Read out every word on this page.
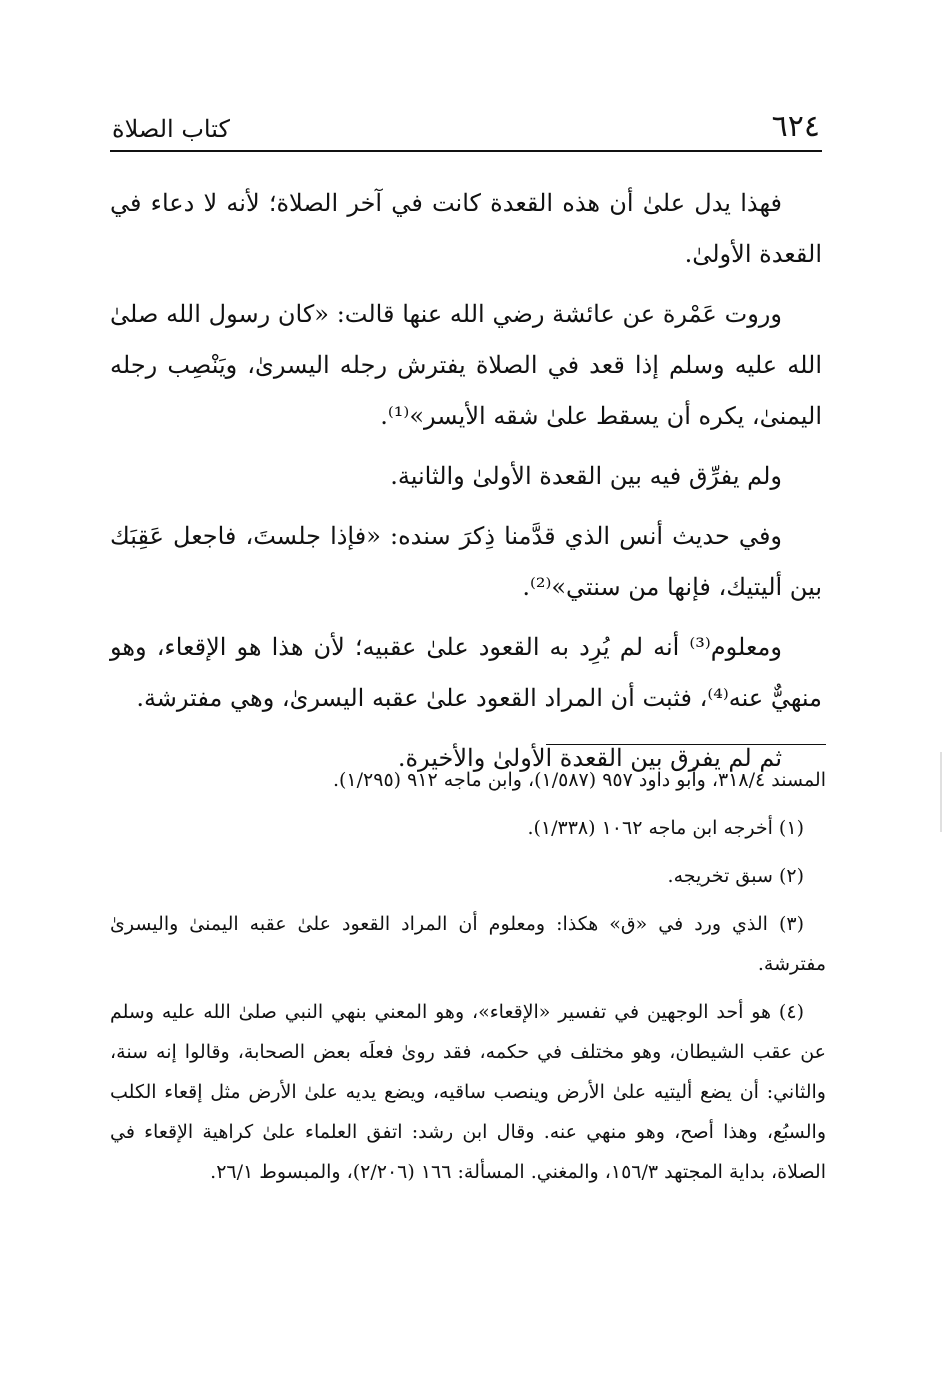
٦٢٤
كتاب الصلاة

فهذا يدل علىٰ أن هذه القعدة كانت في آخر الصلاة؛ لأنه لا دعاء في القعدة الأولىٰ.

وروت عَمْرة عن عائشة رضي الله عنها قالت: «كان رسول الله صلىٰ الله عليه وسلم إذا قعد في الصلاة يفترش رجله اليسرىٰ، ويَنْصِب رجله اليمنىٰ، يكره أن يسقط علىٰ شقه الأيسر»⁽¹⁾.

ولم يفرِّق فيه بين القعدة الأولىٰ والثانية.

وفي حديث أنس الذي قدَّمنا ذِكرَ سنده: «فإذا جلستَ، فاجعل عَقِبَك بين أليتيك، فإنها من سنتي»⁽²⁾.

ومعلوم⁽³⁾ أنه لم يُرِد به القعود علىٰ عقبيه؛ لأن هذا هو الإقعاء، وهو منهيٌّ عنه⁽⁴⁾، فثبت أن المراد القعود علىٰ عقبه اليسرىٰ، وهي مفترشة.

ثم لم يفرق بين القعدة الأولىٰ والأخيرة.

المسند ٣١٨/٤، وأبو داود ٩٥٧ (١/٥٨٧)، وابن ماجه ٩١٢ (١/٢٩٥).

(١) أخرجه ابن ماجه ١٠٦٢ (١/٣٣٨).

(٢) سبق تخريجه.

(٣) الذي ورد في «ق» هكذا: ومعلوم أن المراد القعود علىٰ عقبه اليمنىٰ واليسرىٰ مفترشة.

(٤) هو أحد الوجهين في تفسير «الإقعاء»، وهو المعني بنهي النبي صلىٰ الله عليه وسلم عن عقب الشيطان، وهو مختلف في حكمه، فقد روىٰ فعلَه بعض الصحابة، وقالوا إنه سنة، والثاني: أن يضع أليتيه علىٰ الأرض وينصب ساقيه، ويضع يديه علىٰ الأرض مثل إقعاء الكلب والسبُع، وهذا أصح، وهو منهي عنه. وقال ابن رشد: اتفق العلماء علىٰ كراهية الإقعاء في الصلاة، بداية المجتهد ١٥٦/٣، والمغني. المسألة: ١٦٦ (٢/٢٠٦)، والمبسوط ٢٦/١.
